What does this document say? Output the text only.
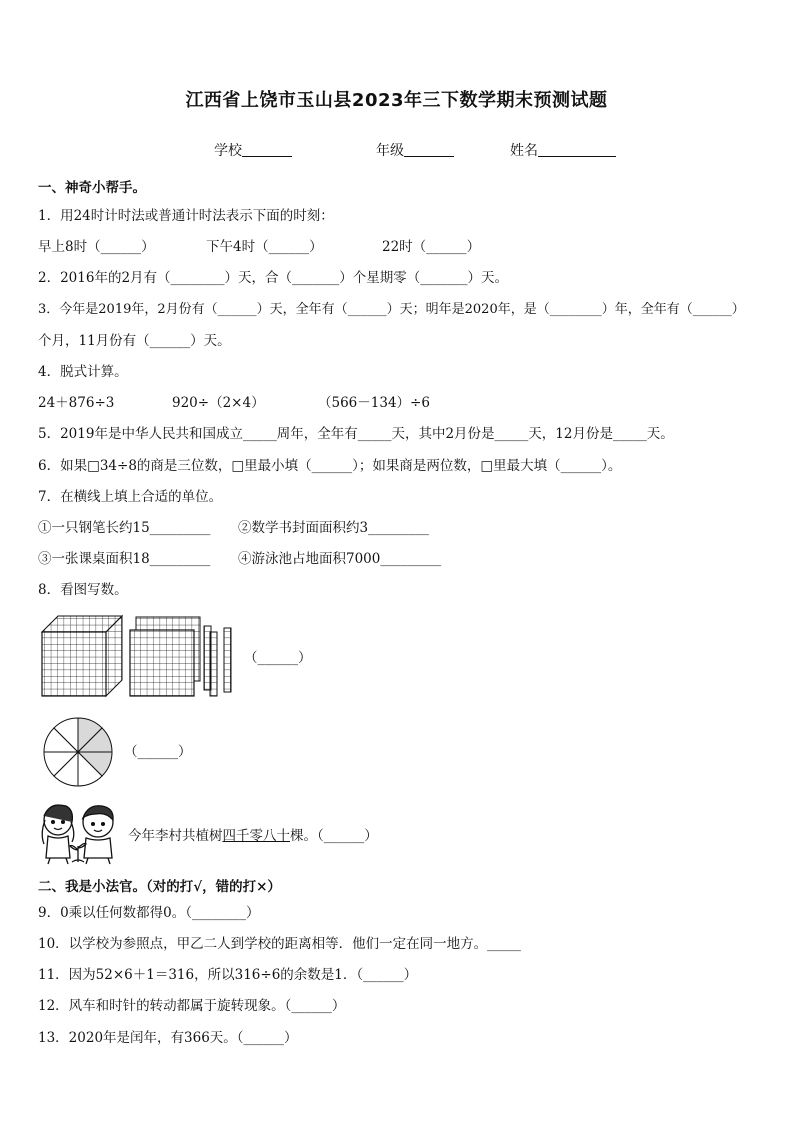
江西省上饶市玉山县2023年三下数学期末预测试题
学校	年级	姓名
一、神奇小帮手。
1．用24时计时法或普通计时法表示下面的时刻：
早上8时（______）	下午4时（______）	22时（______）
2．2016年的2月有（________）天，合（_______）个星期零（_______）天。
3．今年是2019年，2月份有（______）天，全年有（______）天；明年是2020年，是（________）年，全年有（______）
个月，11月份有（______）天。
4．脱式计算。
24＋876÷3	920÷（2×4）	（566－134）÷6
5．2019年是中华人民共和国成立_____周年，全年有_____天，其中2月份是_____天，12月份是_____天。
6．如果□34÷8的商是三位数，□里最小填（______）；如果商是两位数，□里最大填（______）。
7．在横线上填上合适的单位。
①一只钢笔长约15_________ ②数学书封面面积约3_________
③一张课桌面积18_________ ④游泳池占地面积7000_________
8．看图写数。
（______）
（______）
今年李村共植树四千零八十棵。（______）
二、我是小法官。（对的打√，错的打×）
9．0乘以任何数都得0。（________）
10．以学校为参照点，甲乙二人到学校的距离相等．他们一定在同一地方。_____
11．因为52×6＋1＝316，所以316÷6的余数是1．（______）
12．风车和时针的转动都属于旋转现象。（______）
13．2020年是闰年，有366天。（______）
